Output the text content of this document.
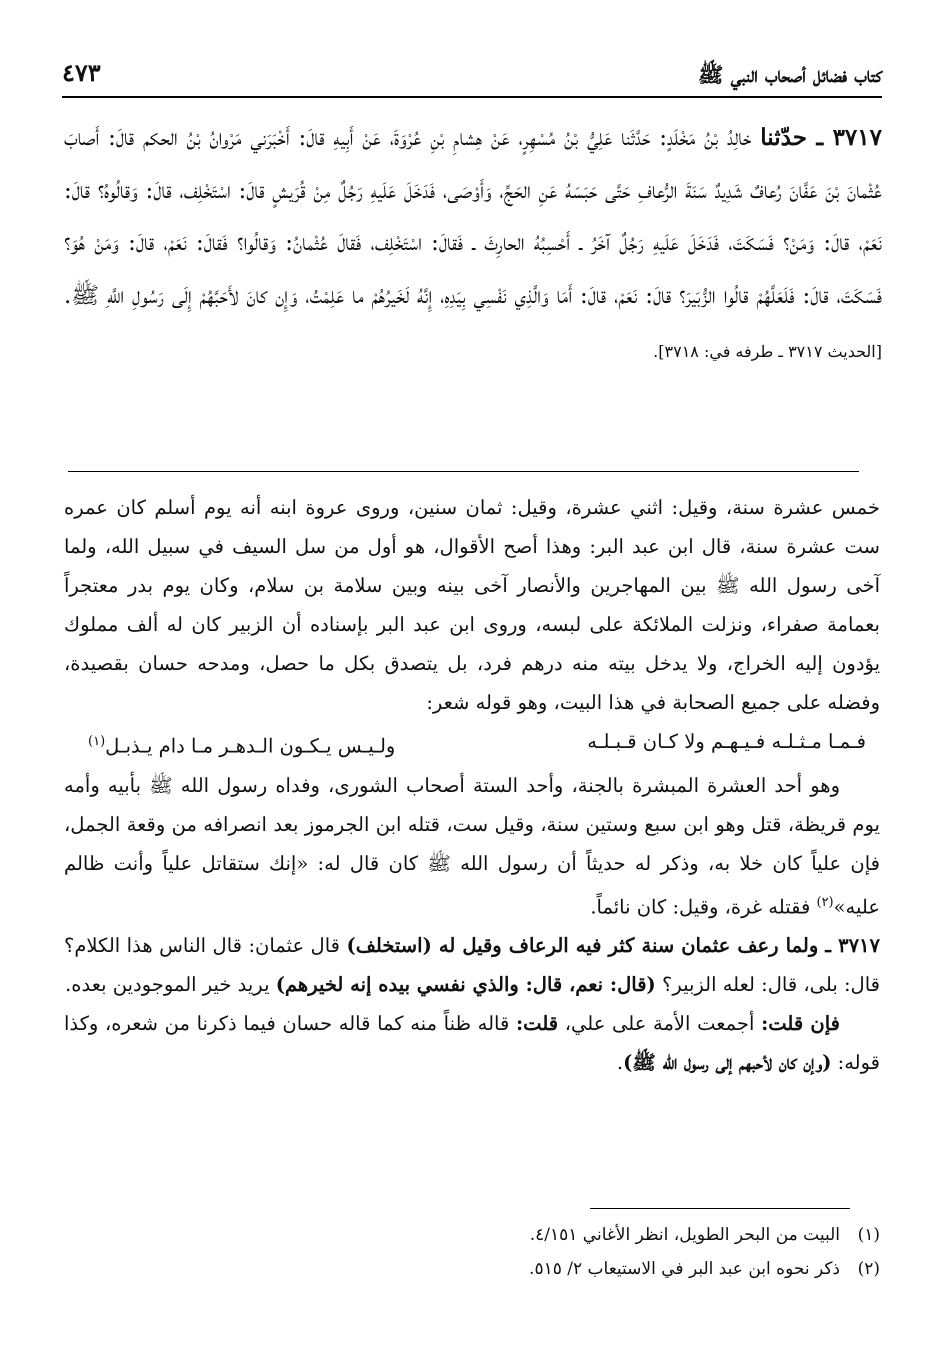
كتاب فضائل أصحاب النبي ﷺ
٤٧٣

٣٧١٧ ـ حدّثنا خالِدُ بْنُ مَخْلَدٍ: حَدَّثَنا عَلِيُّ بْنُ مُسْهِرٍ، عَنْ هِشامِ بْنِ عُرْوَةَ، عَنْ أَبِيهِ قالَ: أَخْبَرَني مَرْوانُ بْنُ الحكم قالَ: أَصابَ عُثْمانَ بْنَ عَفَّانَ رُعافٌ شَدِيدٌ سَنَةَ الرُّعافِ حَتَّى حَبَسَهُ عَنِ الحَجِّ، وَأَوْصَى، فَدَخَلَ عَلَيهِ رَجُلٌ مِنْ قُرَيشٍ قالَ: اسْتَخْلِف، قالَ: وَقالُوهُ؟ قالَ: نَعَمْ، قالَ: وَمَنْ؟ فَسَكَتَ، فَدَخَلَ عَلَيهِ رَجُلٌ آخَرُ ـ أَحْسِبُهُ الحارِثَ ـ فَقالَ: اسْتَخْلِف، فَقالَ عُثْمانُ: وَقالُوا؟ فَقالَ: نَعَمْ، قالَ: وَمَنْ هُوَ؟ فَسَكَتَ، قالَ: فَلَعَلَّهُمْ قالُوا الزُّبَيرَ؟ قالَ: نَعَمْ، قالَ: أَمَا وَالَّذِي نَفْسِي بِيَدِهِ، إِنَّهُ لَخَيرُهُمْ ما عَلِمْتُ، وَإِن كانَ لأَحَبَّهُمْ إِلَى رَسُولِ اللَّهِ ﷺ. [الحديث ٣٧١٧ ـ طرفه في: ٣٧١٨].

خمس عشرة سنة، وقيل: اثني عشرة، وقيل: ثمان سنين، وروى عروة ابنه أنه يوم أسلم كان عمره ست عشرة سنة، قال ابن عبد البر: وهذا أصح الأقوال، هو أول من سل السيف في سبيل الله، ولما آخى رسول الله ﷺ بين المهاجرين والأنصار آخى بينه وبين سلامة بن سلام، وكان يوم بدر معتجراً بعمامة صفراء، ونزلت الملائكة على لبسه، وروى ابن عبد البر بإسناده أن الزبير كان له ألف مملوك يؤدون إليه الخراج، ولا يدخل بيته منه درهم فرد، بل يتصدق بكل ما حصل، ومدحه حسان بقصيدة، وفضله على جميع الصحابة في هذا البيت، وهو قوله شعر:

فـمـا مـثـلـه فـيـهـم ولا كـان قـبـلـه
ولـيـس يـكـون الـدهـر مـا دام يـذبـل$^{(١)}$

وهو أحد العشرة المبشرة بالجنة، وأحد الستة أصحاب الشورى، وفداه رسول الله ﷺ بأبيه وأمه يوم قريظة، قتل وهو ابن سبع وستين سنة، وقيل ست، قتله ابن الجرموز بعد انصرافه من وقعة الجمل، فإن علياً كان خلا به، وذكر له حديثاً أن رسول الله ﷺ كان قال له: «إنك ستقاتل علياً وأنت ظالم عليه»$^{(٢)}$ فقتله غرة، وقيل: كان نائماً.

٣٧١٧ ـ ولما رعف عثمان سنة كثر فيه الرعاف وقيل له (استخلف) قال عثمان: قال الناس هذا الكلام؟ قال: بلى، قال: لعله الزبير؟ (قال: نعم، قال: والذي نفسي بيده إنه لخيرهم) يريد خير الموجودين بعده.

فإن قلت: أجمعت الأمة على علي، قلت: قاله ظناً منه كما قاله حسان فيما ذكرنا من شعره، وكذا قوله: (وإن كان لأحبهم إلى رسول الله ﷺ).

(١)
البيت من البحر الطويل، انظر الأغاني ٤/١٥١.
(٢)
ذكر نحوه ابن عبد البر في الاستيعاب ٢/ ٥١٥.
